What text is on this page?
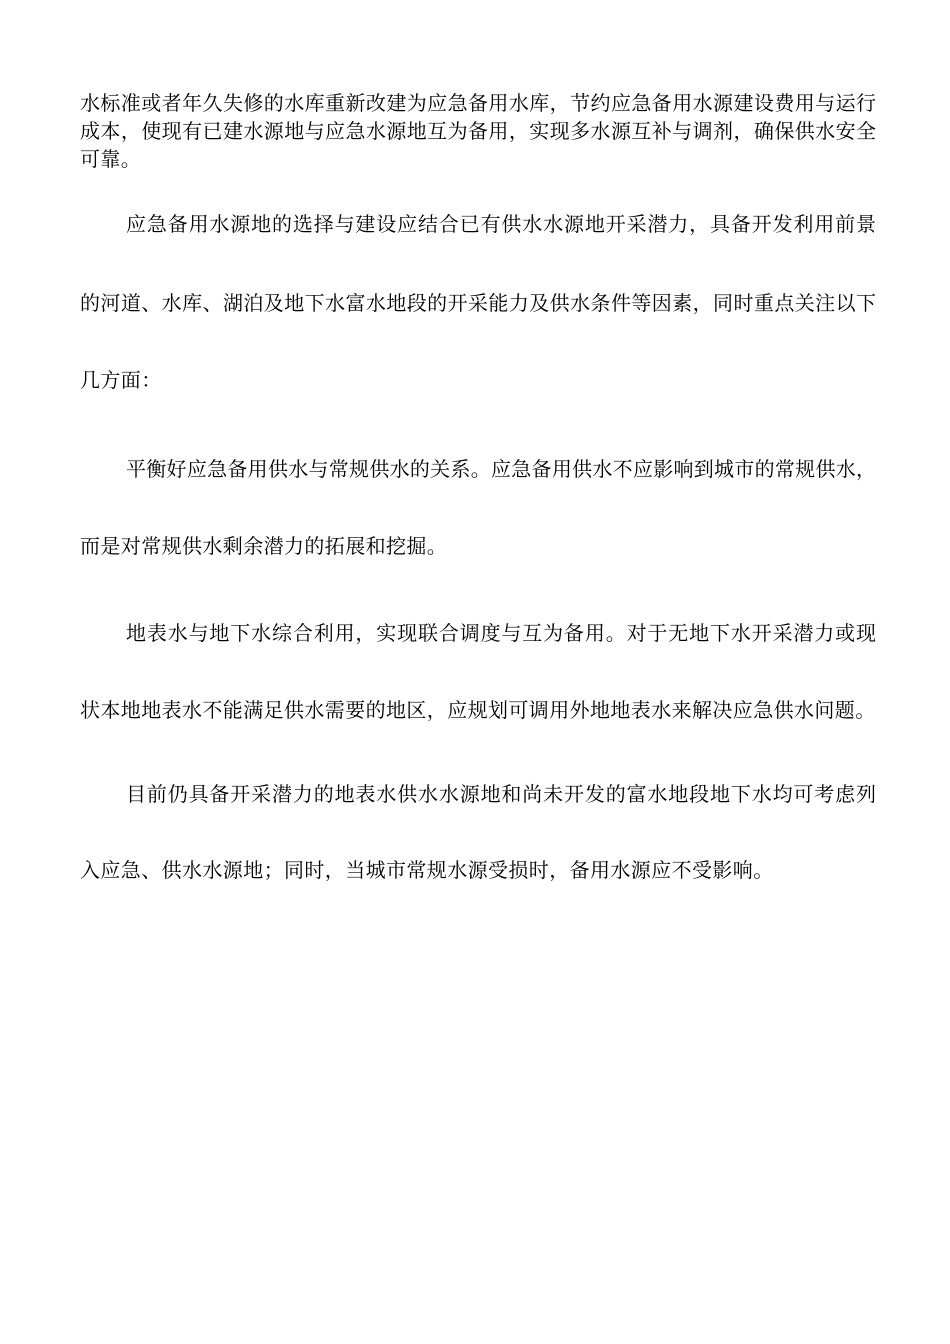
水标准或者年久失修的水库重新改建为应急备用水库，节约应急备用水源建设费用与运行
成本，使现有已建水源地与应急水源地互为备用，实现多水源互补与调剂，确保供水安全
可靠。
应急备用水源地的选择与建设应结合已有供水水源地开采潜力，具备开发利用前景
的河道、水库、湖泊及地下水富水地段的开采能力及供水条件等因素，同时重点关注以下
几方面：
平衡好应急备用供水与常规供水的关系。应急备用供水不应影响到城市的常规供水，
而是对常规供水剩余潜力的拓展和挖掘。
地表水与地下水综合利用，实现联合调度与互为备用。对于无地下水开采潜力或现
状本地地表水不能满足供水需要的地区，应规划可调用外地地表水来解决应急供水问题。
目前仍具备开采潜力的地表水供水水源地和尚未开发的富水地段地下水均可考虑列
入应急、供水水源地；同时，当城市常规水源受损时，备用水源应不受影响。
